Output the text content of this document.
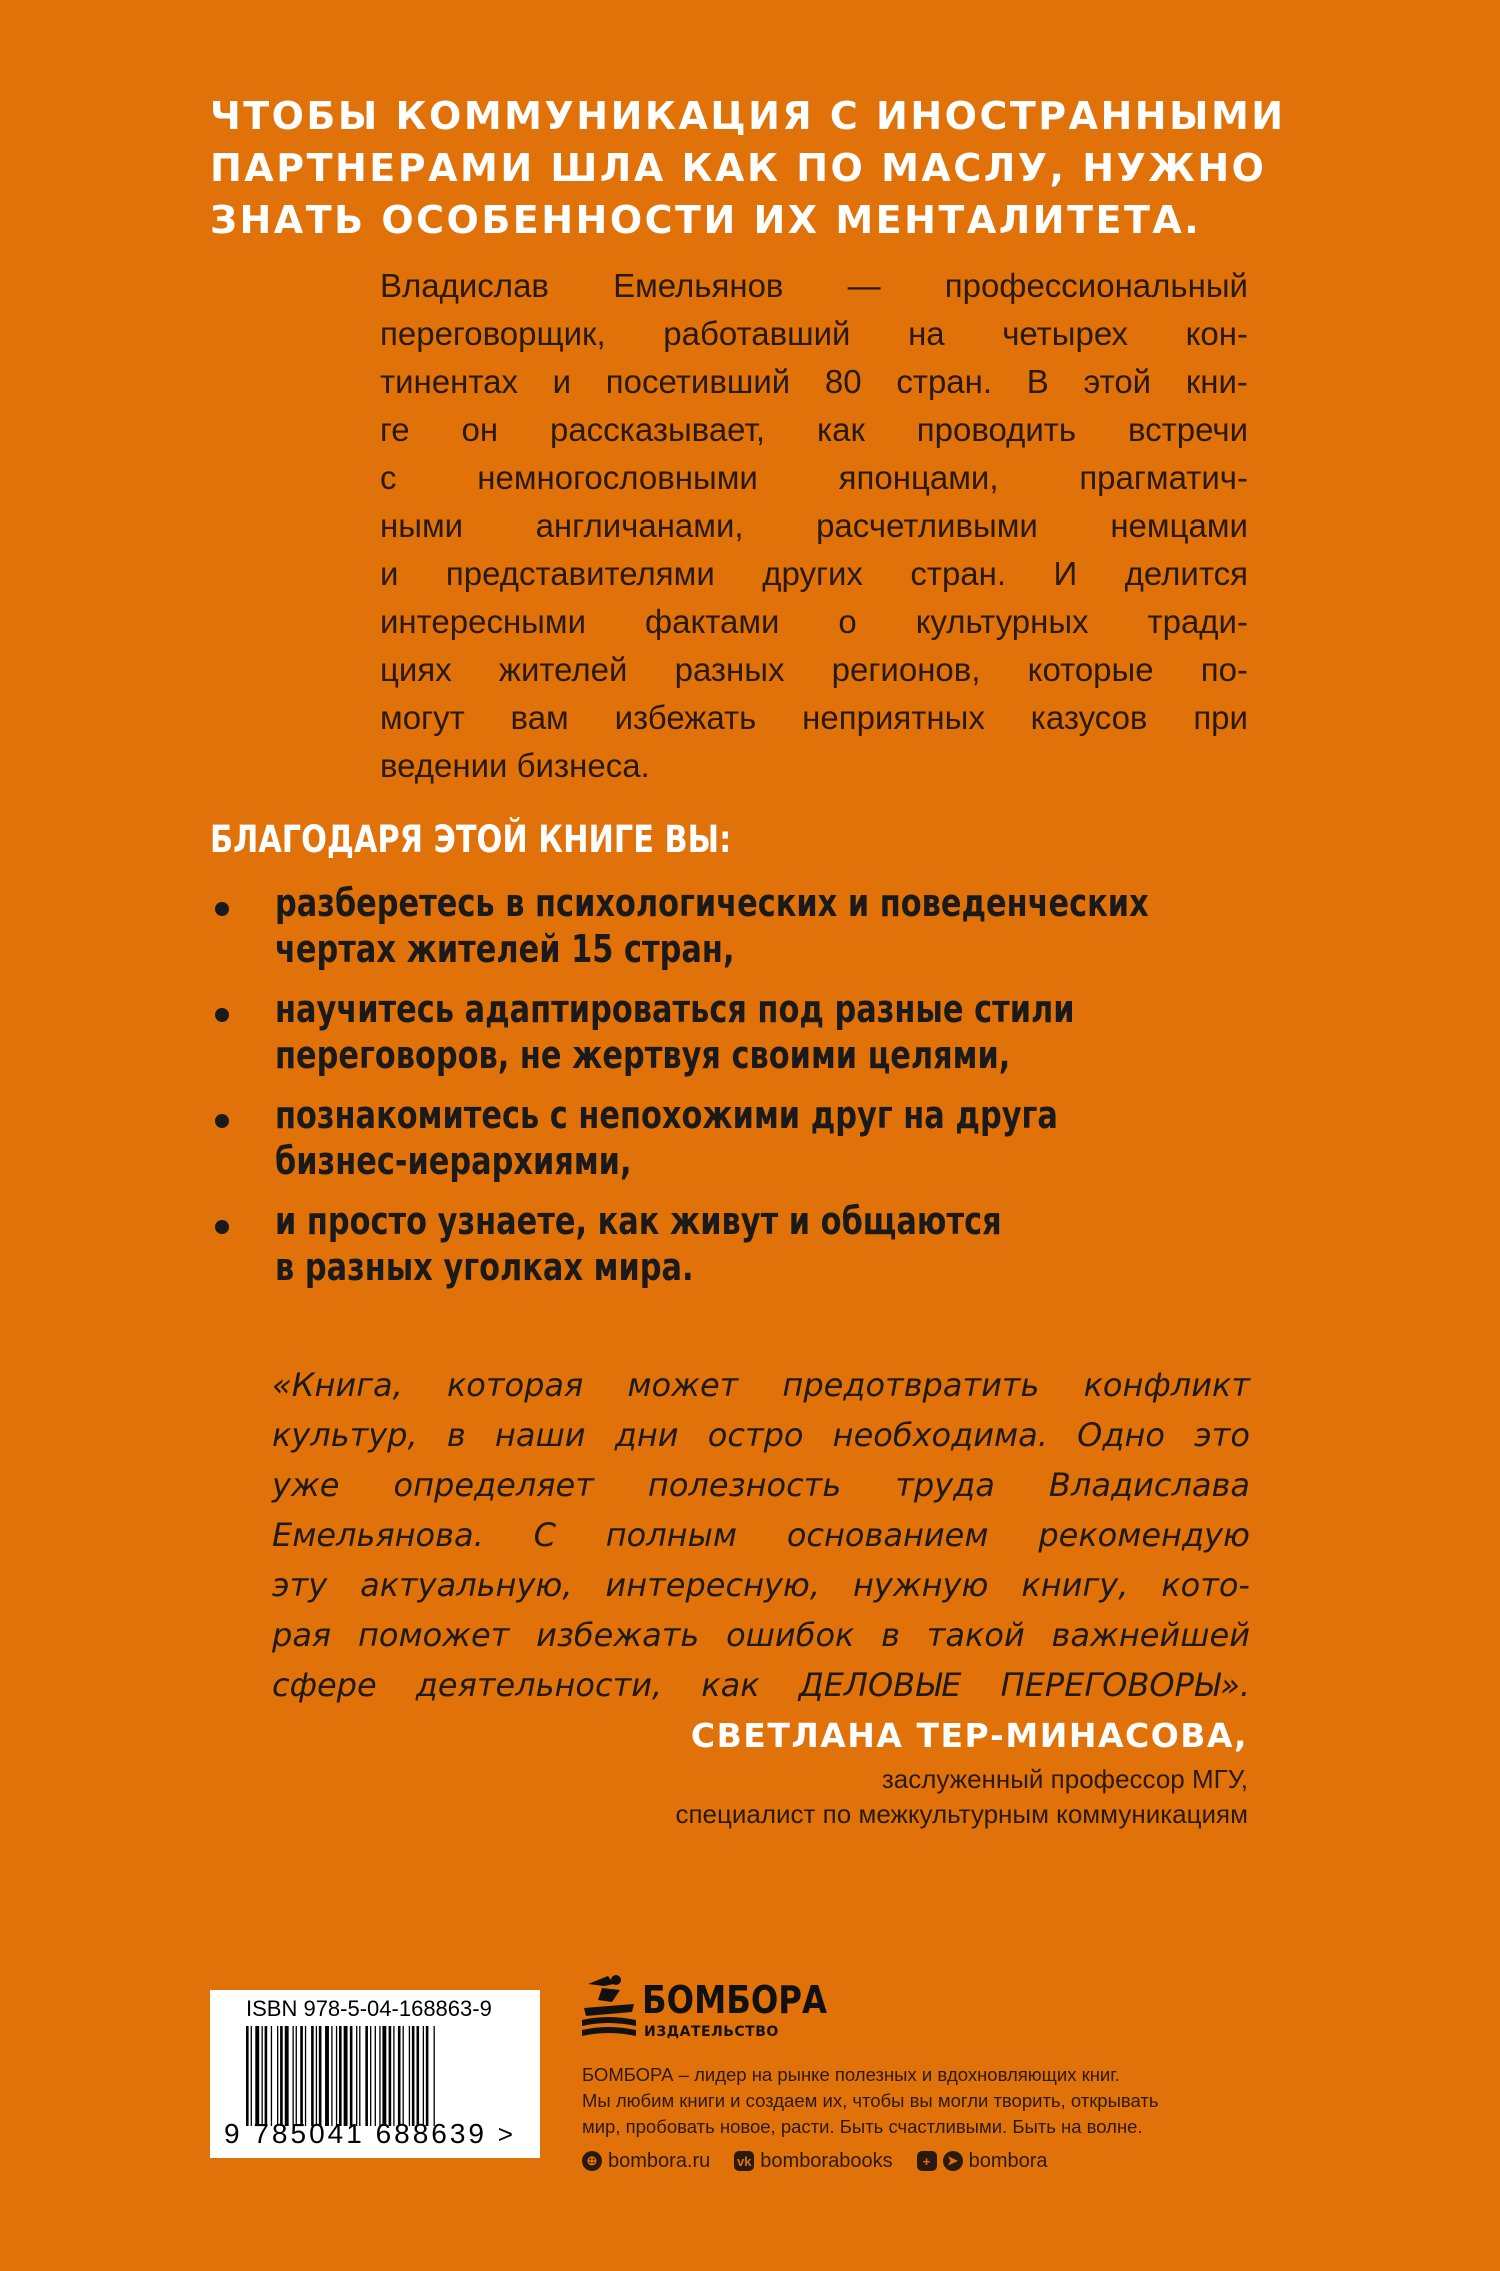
ЧТОБЫ КОММУНИКАЦИЯ С ИНОСТРАННЫМИ
ПАРТНЕРАМИ ШЛА КАК ПО МАСЛУ, НУЖНО
ЗНАТЬ ОСОБЕННОСТИ ИХ МЕНТАЛИТЕТА.
Владислав Емельянов — профессиональный
переговорщик, работавший на четырех кон-
тинентах и посетивший 80 стран. В этой кни-
ге он рассказывает, как проводить встречи
с немногословными японцами, прагматич-
ными англичанами, расчетливыми немцами
и представителями других стран. И делится
интересными фактами о культурных тради-
циях жителей разных регионов, которые по-
могут вам избежать неприятных казусов при
ведении бизнеса.
БЛАГОДАРЯ ЭТОЙ КНИГЕ ВЫ:
разберетесь в психологических и поведенческих
чертах жителей 15 стран,
научитесь адаптироваться под разные стили
переговоров, не жертвуя своими целями,
познакомитесь с непохожими друг на друга
бизнес-иерархиями,
и просто узнаете, как живут и общаются
в разных уголках мира.
«Книга, которая может предотвратить конфликт
культур, в наши дни остро необходима. Одно это
уже определяет полезность труда Владислава
Емельянова. С полным основанием рекомендую
эту актуальную, интересную, нужную книгу, кото-
рая поможет избежать ошибок в такой важнейшей
сфере деятельности, как ДЕЛОВЫЕ ПЕРЕГОВОРЫ».
СВЕТЛАНА ТЕР-МИНАСОВА,
заслуженный профессор МГУ,
специалист по межкультурным коммуникациям
ISBN 978-5-04-168863-9
9 785041 688639 >
БОМБОРА
ИЗДАТЕЛЬСТВО
БОМБОРА – лидер на рынке полезных и вдохновляющих книг.
Мы любим книги и создаем их, чтобы вы могли творить, открывать
мир, пробовать новое, расти. Быть счастливыми. Быть на волне.
⊕ bombora.ru vk bomborabooks	+	➤ bombora
